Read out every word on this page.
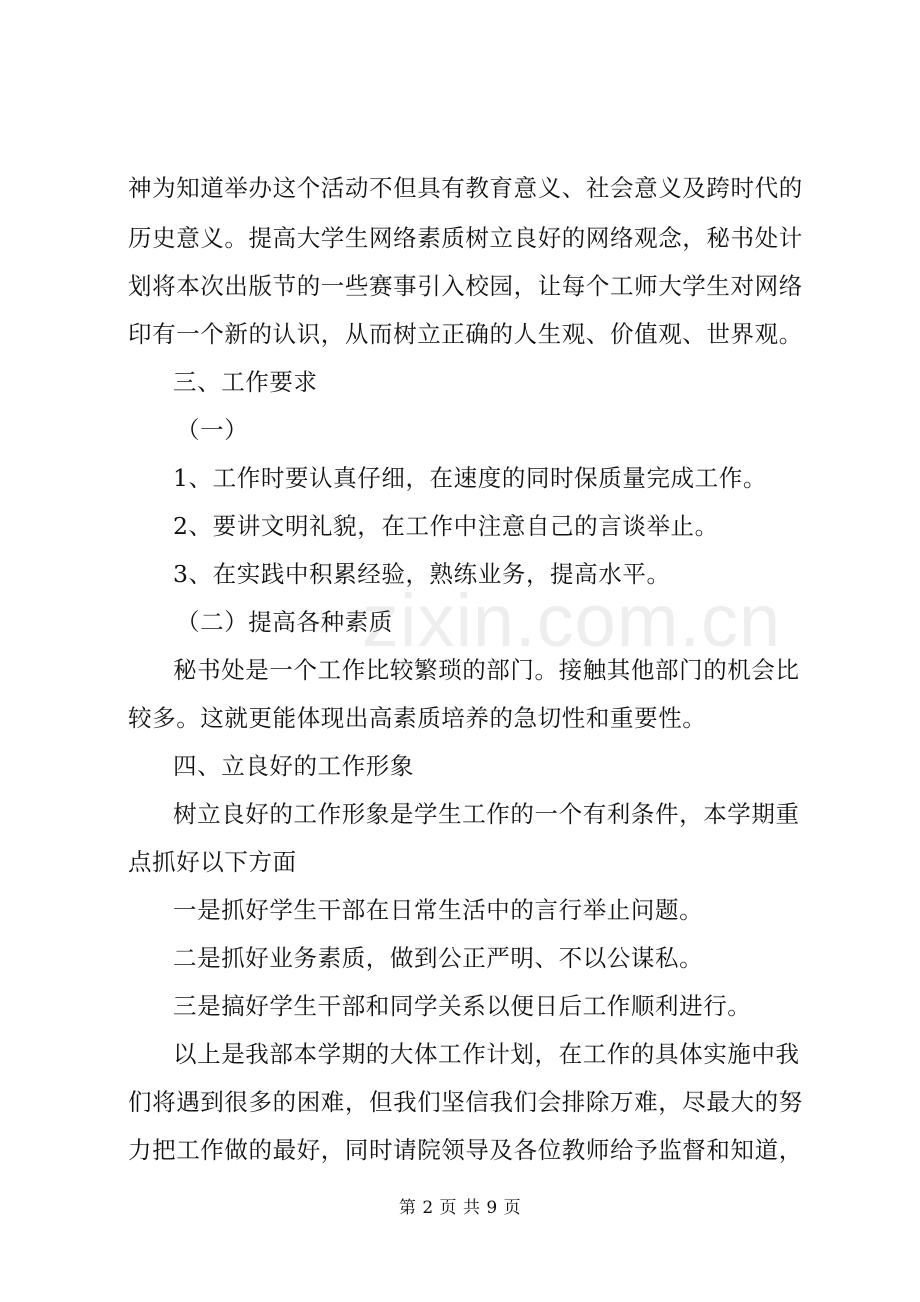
神为知道举办这个活动不但具有教育意义、社会意义及跨时代的
历史意义。提高大学生网络素质树立良好的网络观念，秘书处计
划将本次出版节的一些赛事引入校园，让每个工师大学生对网络
印有一个新的认识，从而树立正确的人生观、价值观、世界观。
三、工作要求
（一）
1、工作时要认真仔细，在速度的同时保质量完成工作。
2、要讲文明礼貌，在工作中注意自己的言谈举止。
3、在实践中积累经验，熟练业务，提高水平。
（二）提高各种素质
秘书处是一个工作比较繁琐的部门。接触其他部门的机会比
较多。这就更能体现出高素质培养的急切性和重要性。
四、立良好的工作形象
树立良好的工作形象是学生工作的一个有利条件，本学期重
点抓好以下方面
一是抓好学生干部在日常生活中的言行举止问题。
二是抓好业务素质，做到公正严明、不以公谋私。
三是搞好学生干部和同学关系以便日后工作顺利进行。
以上是我部本学期的大体工作计划，在工作的具体实施中我
们将遇到很多的困难，但我们坚信我们会排除万难，尽最大的努
力把工作做的最好，同时请院领导及各位教师给予监督和知道，
zixin.com.cn
第 2 页 共 9 页
